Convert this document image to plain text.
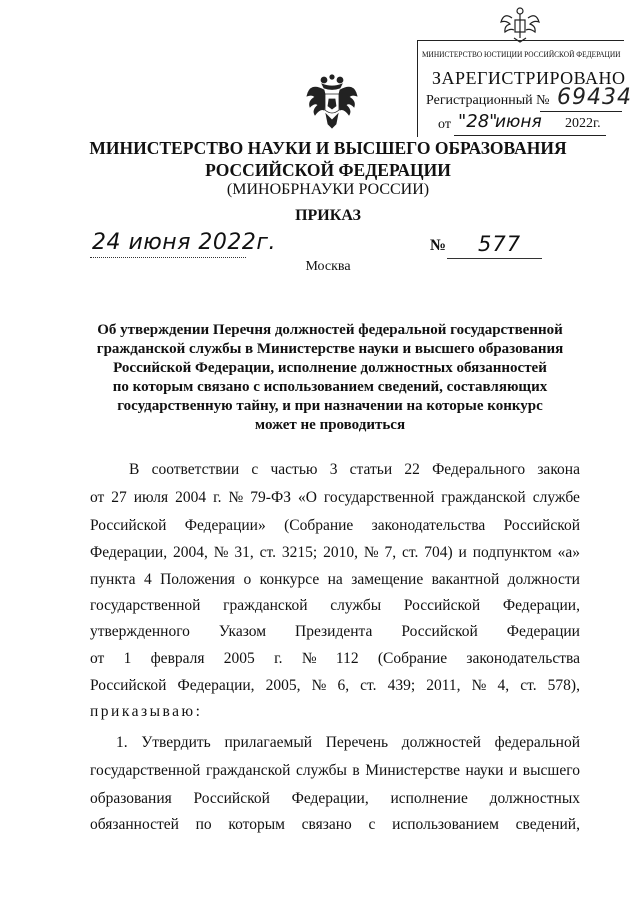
МИНИСТЕРСТВО ЮСТИЦИИ РОССИЙСКОЙ ФЕДЕРАЦИИ
ЗАРЕГИСТРИРОВАНО
Регистрационный № 69434
от "28"
июня 2022г.
МИНИСТЕРСТВО НАУКИ И ВЫСШЕГО ОБРАЗОВАНИЯ
РОССИЙСКОЙ ФЕДЕРАЦИИ
(МИНОБРНАУКИ РОССИИ)
ПРИКАЗ
24 июня 2022г.	№ 577
Москва
Об утверждении Перечня должностей федеральной государственной
гражданской службы в Министерстве науки и высшего образования
Российской Федерации, исполнение должностных обязанностей
по которым связано с использованием сведений, составляющих
государственную тайну, и при назначении на которые конкурс
может не проводиться
В соответствии с частью 3 статьи 22 Федерального закона
от 27 июля 2004 г. № 79-ФЗ «О государственной гражданской службе
Российской Федерации» (Собрание законодательства Российской
Федерации, 2004, № 31, ст. 3215; 2010, № 7, ст. 704) и подпунктом «а»
пункта 4 Положения о конкурсе на замещение вакантной должности
государственной гражданской службы Российской Федерации,
утвержденного Указом Президента Российской Федерации
от 1 февраля 2005 г. № 112 (Собрание законодательства
Российской Федерации, 2005, № 6, ст. 439; 2011, № 4, ст. 578),
приказываю:
1. Утвердить прилагаемый Перечень должностей федеральной
государственной гражданской службы в Министерстве науки и высшего
образования Российской Федерации, исполнение должностных
обязанностей по которым связано с использованием сведений,
